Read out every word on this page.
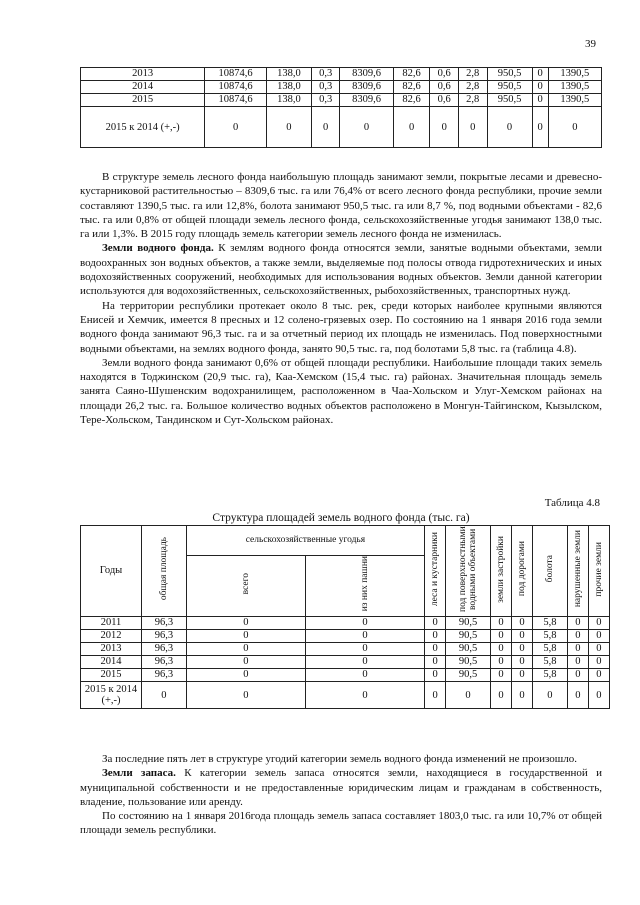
39
2013	10874,6	138,0	0,3	8309,6	82,6	0,6	2,8	950,5	0	1390,5
2014	10874,6	138,0	0,3	8309,6	82,6	0,6	2,8	950,5	0	1390,5
2015	10874,6	138,0	0,3	8309,6	82,6	0,6	2,8	950,5	0	1390,5
2015 к 2014 (+,-)	0	0	0	0	0	0	0	0	0	0

В структуре земель лесного фонда наибольшую площадь занимают земли, покрытые лесами и древесно-кустарниковой растительностью – 8309,6 тыс. га или 76,4% от всего лесного фонда республики, прочие земли составляют 1390,5 тыс. га или 12,8%, болота занимают 950,5 тыс. га или 8,7 %, под водными объектами - 82,6 тыс. га или 0,8% от общей площади земель лесного фонда, сельскохозяйственные угодья занимают 138,0 тыс. га или 1,3%. В 2015 году площадь земель категории земель лесного фонда не изменилась.

Земли водного фонда. К землям водного фонда относятся земли, занятые водными объектами, земли водоохранных зон водных объектов, а также земли, выделяемые под полосы отвода гидротехнических и иных водохозяйственных сооружений, необходимых для использования водных объектов. Земли данной категории используются для водохозяйственных, сельскохозяйственных, рыбохозяйственных, транспортных нужд.

На территории республики протекает около 8 тыс. рек, среди которых наиболее крупными являются Енисей и Хемчик, имеется 8 пресных и 12 солено-грязевых озер. По состоянию на 1 января 2016 года земли водного фонда занимают 96,3 тыс. га и за отчетный период их площадь не изменилась. Под поверхностными водными объектами, на землях водного фонда, занято 90,5 тыс. га, под болотами 5,8 тыс. га (таблица 4.8).

Земли водного фонда занимают 0,6% от общей площади республики. Наибольшие площади таких земель находятся в Тоджинском (20,9 тыс. га), Каа-Хемском (15,4 тыс. га) районах. Значительная площадь земель занята Саяно-Шушенским водохранилищем, расположенном в Чаа-Хольском и Улуг-Хемском районах на площади 26,2 тыс. га. Большое количество водных объектов расположено в Монгун-Тайгинском, Кызылском, Тере-Хольском, Тандинском и Сут-Хольском районах.

Таблица 4.8
Структура площадей земель водного фонда (тыс. га)
Годы	общая площадь	сельскохозяйственные угодья		леса и кустарники	под поверхностными водными объектами	земли застройки	под дорогами	болота	нарушенные земли	прочие земли
		всего	из них пашни							
2011	96,3	0	0	0	90,5	0	0	5,8	0	0
2012	96,3	0	0	0	90,5	0	0	5,8	0	0
2013	96,3	0	0	0	90,5	0	0	5,8	0	0
2014	96,3	0	0	0	90,5	0	0	5,8	0	0
2015	96,3	0	0	0	90,5	0	0	5,8	0	0
2015 к 2014 (+,-)	0	0	0	0	0	0	0	0	0	0

За последние пять лет в структуре угодий категории земель водного фонда изменений не произошло.

Земли запаса. К категории земель запаса относятся земли, находящиеся в государственной и муниципальной собственности и не предоставленные юридическим лицам и гражданам в собственность, владение, пользование или аренду.

По состоянию на 1 января 2016года площадь земель запаса составляет 1803,0 тыс. га или 10,7% от общей площади земель республики.
